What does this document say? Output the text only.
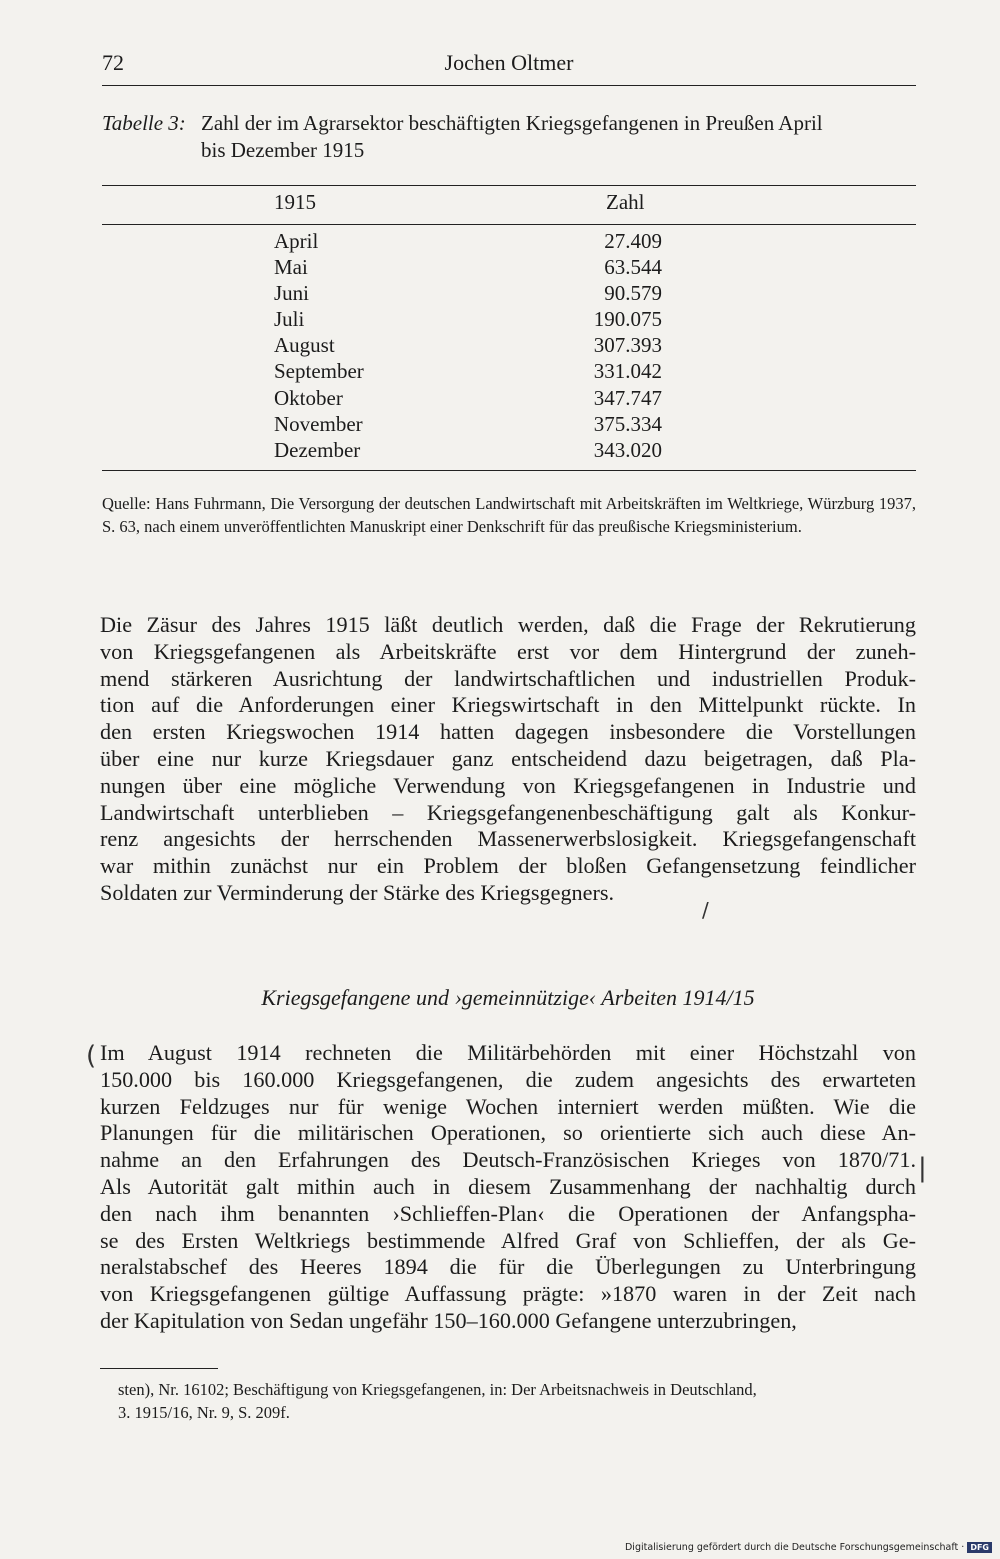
72	Jochen Oltmer
Tabelle 3: Zahl der im Agrarsektor beschäftigten Kriegsgefangenen in Preußen April
bis Dezember 1915
1915	Zahl
April	27.409
Mai	63.544
Juni	90.579
Juli	190.075
August	307.393
September	331.042
Oktober	347.747
November	375.334
Dezember	343.020
Quelle: Hans Fuhrmann, Die Versorgung der deutschen Landwirtschaft mit Arbeitskräften im Weltkriege, Würzburg 1937, S. 63, nach einem unveröffentlichten Manuskript einer Denkschrift für das preußische Kriegsministerium.
Die Zäsur des Jahres 1915 läßt deutlich werden, daß die Frage der Rekrutierung
von Kriegsgefangenen als Arbeitskräfte erst vor dem Hintergrund der zuneh-
mend stärkeren Ausrichtung der landwirtschaftlichen und industriellen Produk-
tion auf die Anforderungen einer Kriegswirtschaft in den Mittelpunkt rückte. In
den ersten Kriegswochen 1914 hatten dagegen insbesondere die Vorstellungen
über eine nur kurze Kriegsdauer ganz entscheidend dazu beigetragen, daß Pla-
nungen über eine mögliche Verwendung von Kriegsgefangenen in Industrie und
Landwirtschaft unterblieben – Kriegsgefangenenbeschäftigung galt als Konkur-
renz angesichts der herrschenden Massenerwerbslosigkeit. Kriegsgefangenschaft
war mithin zunächst nur ein Problem der bloßen Gefangensetzung feindlicher
Soldaten zur Verminderung der Stärke des Kriegsgegners.
/
Kriegsgefangene und ›gemeinnützige‹ Arbeiten 1914/15
( Im August 1914 rechneten die Militärbehörden mit einer Höchstzahl von
150.000 bis 160.000 Kriegsgefangenen, die zudem angesichts des erwarteten
kurzen Feldzuges nur für wenige Wochen interniert werden müßten. Wie die
Planungen für die militärischen Operationen, so orientierte sich auch diese An-
nahme an den Erfahrungen des Deutsch-Französischen Krieges von 1870/71.
Als Autorität galt mithin auch in diesem Zusammenhang der nachhaltig durch
den nach ihm benannten ›Schlieffen-Plan‹ die Operationen der Anfangspha-
se des Ersten Weltkriegs bestimmende Alfred Graf von Schlieffen, der als Ge-
neralstabschef des Heeres 1894 die für die Überlegungen zu Unterbringung
von Kriegsgefangenen gültige Auffassung prägte: »1870 waren in der Zeit nach
der Kapitulation von Sedan ungefähr 150–160.000 Gefangene unterzubringen,
|
sten), Nr. 16102; Beschäftigung von Kriegsgefangenen, in: Der Arbeitsnachweis in Deutschland,
3. 1915/16, Nr. 9, S. 209f.
Digitalisierung gefördert durch die Deutsche Forschungsgemeinschaft · DFG
